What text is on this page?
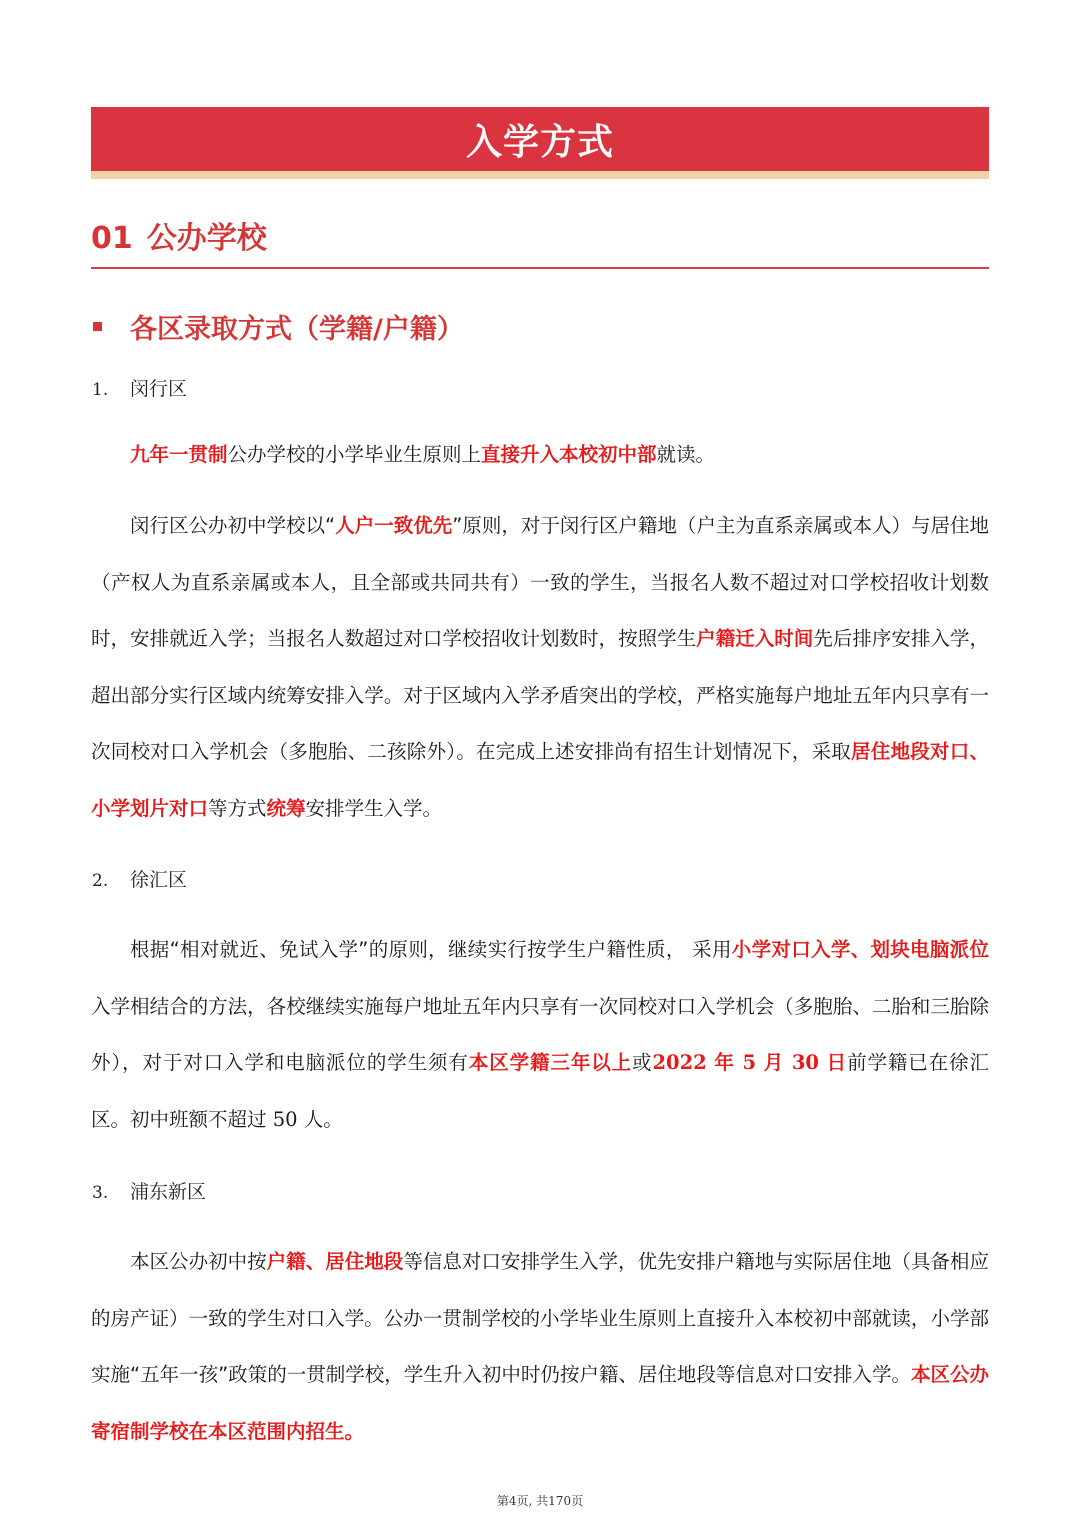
入学方式
01 公办学校
各区录取方式（学籍/户籍）
1. 闵行区
九年一贯制公办学校的小学毕业生原则上直接升入本校初中部就读。
闵行区公办初中学校以“人户一致优先”原则，对于闵行区户籍地（户主为直系亲属或本人）与居住地（产权人为直系亲属或本人，且全部或共同共有）一致的学生，当报名人数不超过对口学校招收计划数时，安排就近入学；当报名人数超过对口学校招收计划数时，按照学生户籍迁入时间先后排序安排入学，超出部分实行区域内统筹安排入学。对于区域内入学矛盾突出的学校，严格实施每户地址五年内只享有一次同校对口入学机会（多胞胎、二孩除外）。在完成上述安排尚有招生计划情况下，采取居住地段对口、小学划片对口等方式统筹安排学生入学。
2. 徐汇区
根据“相对就近、免试入学”的原则，继续实行按学生户籍性质， 采用小学对口入学、划块电脑派位入学相结合的方法，各校继续实施每户地址五年内只享有一次同校对口入学机会（多胞胎、二胎和三胎除外），对于对口入学和电脑派位的学生须有本区学籍三年以上或2022 年 5 月 30 日前学籍已在徐汇区。初中班额不超过 50 人。
3. 浦东新区
本区公办初中按户籍、居住地段等信息对口安排学生入学，优先安排户籍地与实际居住地（具备相应的房产证）一致的学生对口入学。公办一贯制学校的小学毕业生原则上直接升入本校初中部就读，小学部实施“五年一孩”政策的一贯制学校，学生升入初中时仍按户籍、居住地段等信息对口安排入学。本区公办寄宿制学校在本区范围内招生。
第4页, 共170页
